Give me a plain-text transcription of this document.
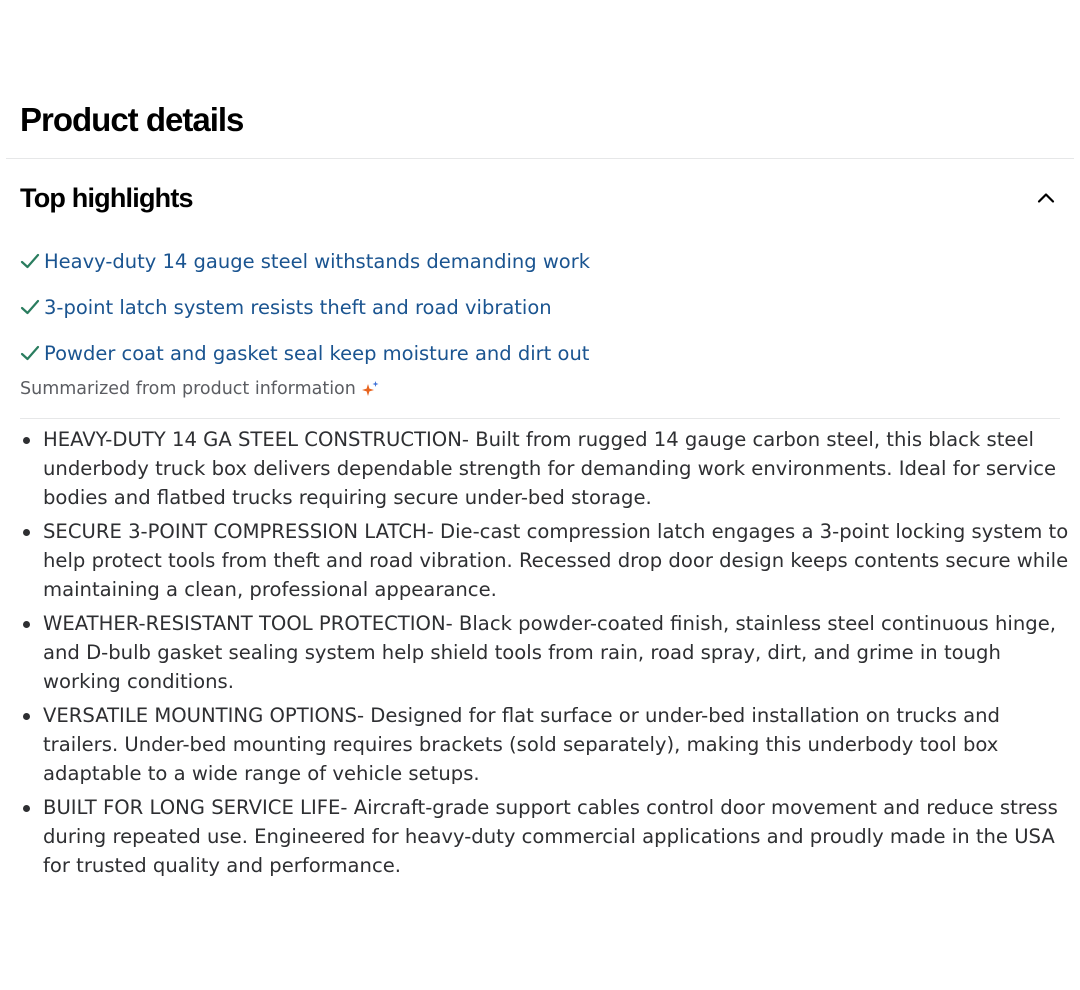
Product details
Top highlights
Heavy-duty 14 gauge steel withstands demanding work
3-point latch system resists theft and road vibration
Powder coat and gasket seal keep moisture and dirt out
Summarized from product information
HEAVY-DUTY 14 GA STEEL CONSTRUCTION- Built from rugged 14 gauge carbon steel, this black steel underbody truck box delivers dependable strength for demanding work environments. Ideal for service bodies and flatbed trucks requiring secure under-bed storage.
SECURE 3-POINT COMPRESSION LATCH- Die-cast compression latch engages a 3-point locking system to help protect tools from theft and road vibration. Recessed drop door design keeps contents secure while maintaining a clean, professional appearance.
WEATHER-RESISTANT TOOL PROTECTION- Black powder-coated finish, stainless steel continuous hinge, and D-bulb gasket sealing system help shield tools from rain, road spray, dirt, and grime in tough working conditions.
VERSATILE MOUNTING OPTIONS- Designed for flat surface or under-bed installation on trucks and trailers. Under-bed mounting requires brackets (sold separately), making this underbody tool box adaptable to a wide range of vehicle setups.
BUILT FOR LONG SERVICE LIFE- Aircraft-grade support cables control door movement and reduce stress during repeated use. Engineered for heavy-duty commercial applications and proudly made in the USA for trusted quality and performance.
